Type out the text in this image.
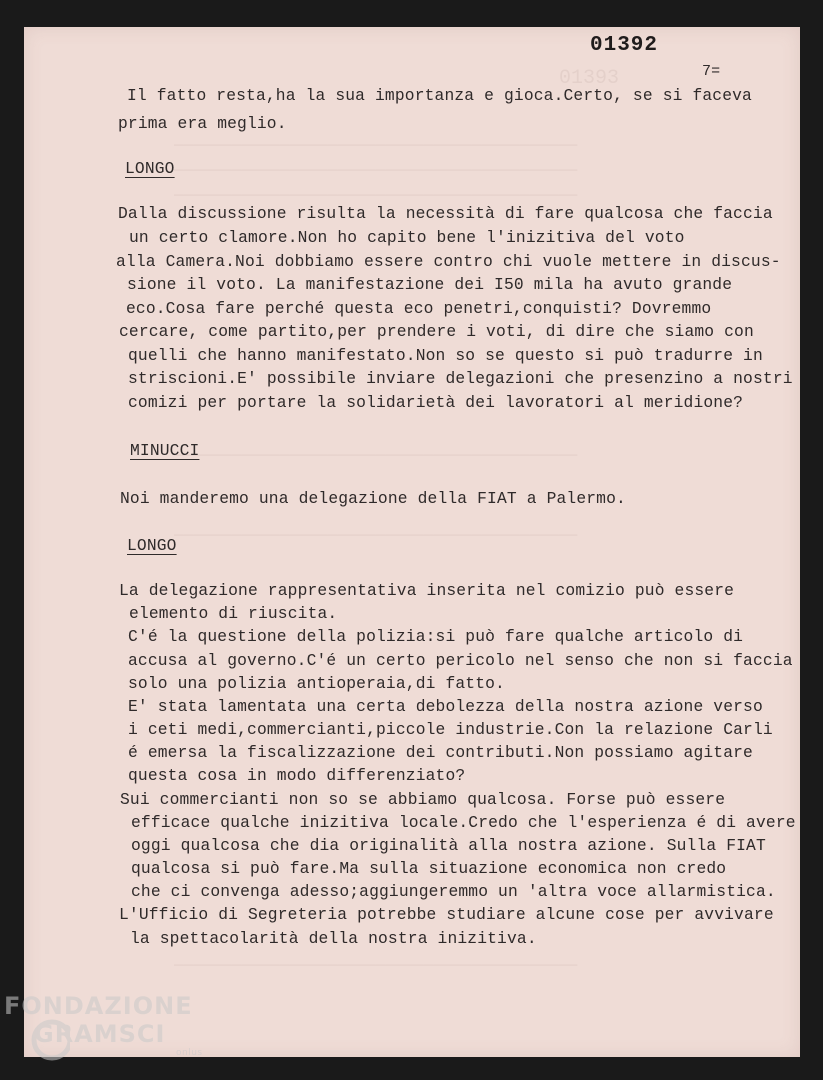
01393
──────────────────────────────────────────
──────────────────────────────────────────
──────────────────────────────────────────
──────────────────────────────────────────
──────────────────────────────────────────
──────────────────────────────────────────
01392
7=
Il fatto resta,ha la sua importanza e gioca.Certo, se si faceva
prima era meglio.
LONGO
Dalla discussione risulta la necessità di fare qualcosa che faccia
un certo clamore.Non ho capito bene l'inizitiva del voto
alla Camera.Noi dobbiamo essere contro chi vuole mettere in discus-
sione il voto. La manifestazione dei I50 mila ha avuto grande
eco.Cosa fare perché questa eco penetri,conquisti? Dovremmo
cercare, come partito,per prendere i voti, di dire che siamo con
quelli che hanno manifestato.Non so se questo si può tradurre in
striscioni.E' possibile inviare delegazioni che presenzino a nostri
comizi per portare la solidarietà dei lavoratori al meridione?
MINUCCI
Noi manderemo una delegazione della FIAT a Palermo.
LONGO
La delegazione rappresentativa inserita nel comizio può essere
elemento di riuscita.
C'é la questione della polizia:si può fare qualche articolo di
accusa al governo.C'é un certo pericolo nel senso che non si faccia
solo una polizia antioperaia,di fatto.
E' stata lamentata una certa debolezza della nostra azione verso
i ceti medi,commercianti,piccole industrie.Con la relazione Carli
é emersa la fiscalizzazione dei contributi.Non possiamo agitare
questa cosa in modo differenziato?
Sui commercianti non so se abbiamo qualcosa. Forse può essere
efficace qualche inizitiva locale.Credo che l'esperienza é di avere
oggi qualcosa che dia originalità alla nostra azione. Sulla FIAT
qualcosa si può fare.Ma sulla situazione economica non credo
che ci convenga adesso;aggiungeremmo un 'altra voce allarmistica.
L'Ufficio di Segreteria potrebbe studiare alcune cose per avvivare
la spettacolarità della nostra inizitiva.
FONDAZIONE
GRAMSCI
onlus
